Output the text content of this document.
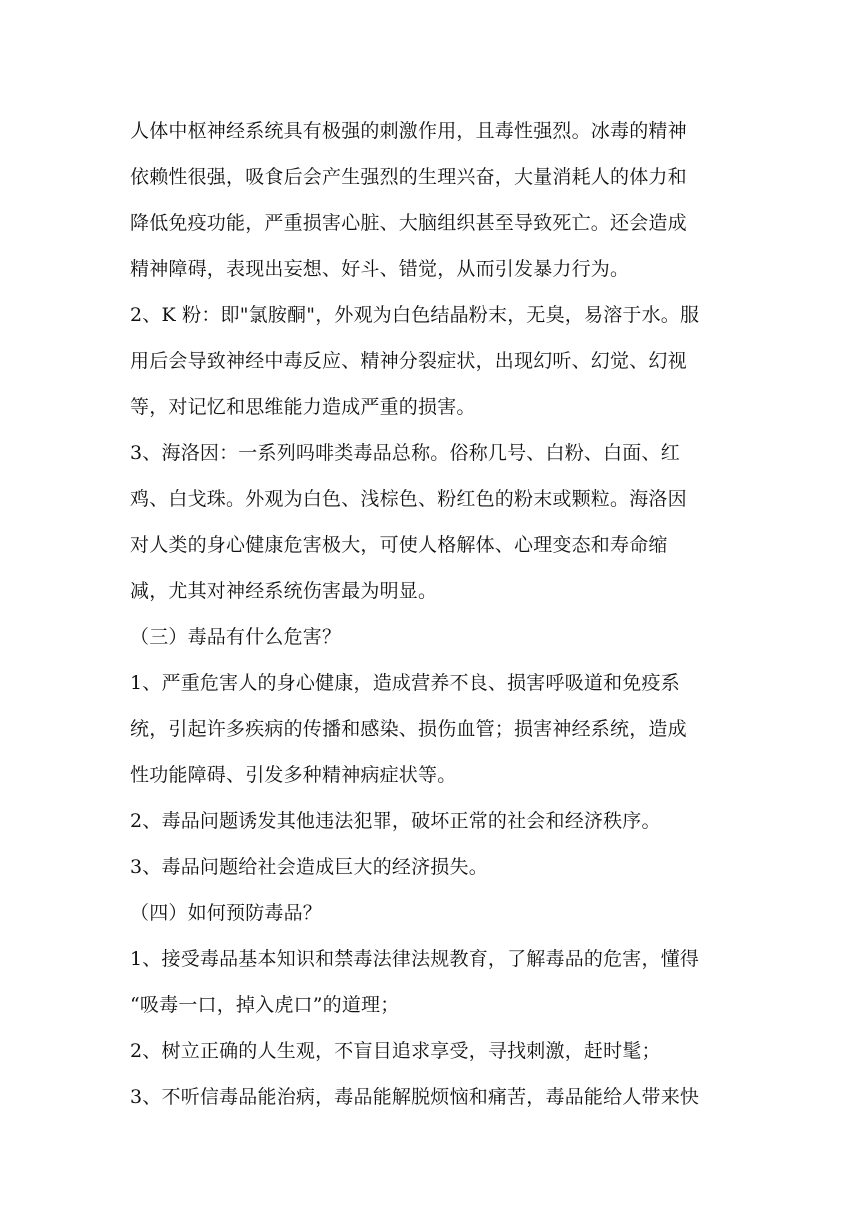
人体中枢神经系统具有极强的刺激作用，且毒性强烈。冰毒的精神
依赖性很强，吸食后会产生强烈的生理兴奋，大量消耗人的体力和
降低免疫功能，严重损害心脏、大脑组织甚至导致死亡。还会造成
精神障碍，表现出妄想、好斗、错觉，从而引发暴力行为。
2、K 粉：即"氯胺酮"，外观为白色结晶粉末，无臭，易溶于水。服
用后会导致神经中毒反应、精神分裂症状，出现幻听、幻觉、幻视
等，对记忆和思维能力造成严重的损害。
3、海洛因：一系列吗啡类毒品总称。俗称几号、白粉、白面、红
鸡、白戈珠。外观为白色、浅棕色、粉红色的粉末或颗粒。海洛因
对人类的身心健康危害极大，可使人格解体、心理变态和寿命缩
减，尤其对神经系统伤害最为明显。
（三）毒品有什么危害？
1、严重危害人的身心健康，造成营养不良、损害呼吸道和免疫系
统，引起许多疾病的传播和感染、损伤血管；损害神经系统，造成
性功能障碍、引发多种精神病症状等。
2、毒品问题诱发其他违法犯罪，破坏正常的社会和经济秩序。
3、毒品问题给社会造成巨大的经济损失。
（四）如何预防毒品？
1、接受毒品基本知识和禁毒法律法规教育，了解毒品的危害，懂得
“吸毒一口，掉入虎口”的道理；
2、树立正确的人生观，不盲目追求享受，寻找刺激，赶时髦；
3、不听信毒品能治病，毒品能解脱烦恼和痛苦，毒品能给人带来快
